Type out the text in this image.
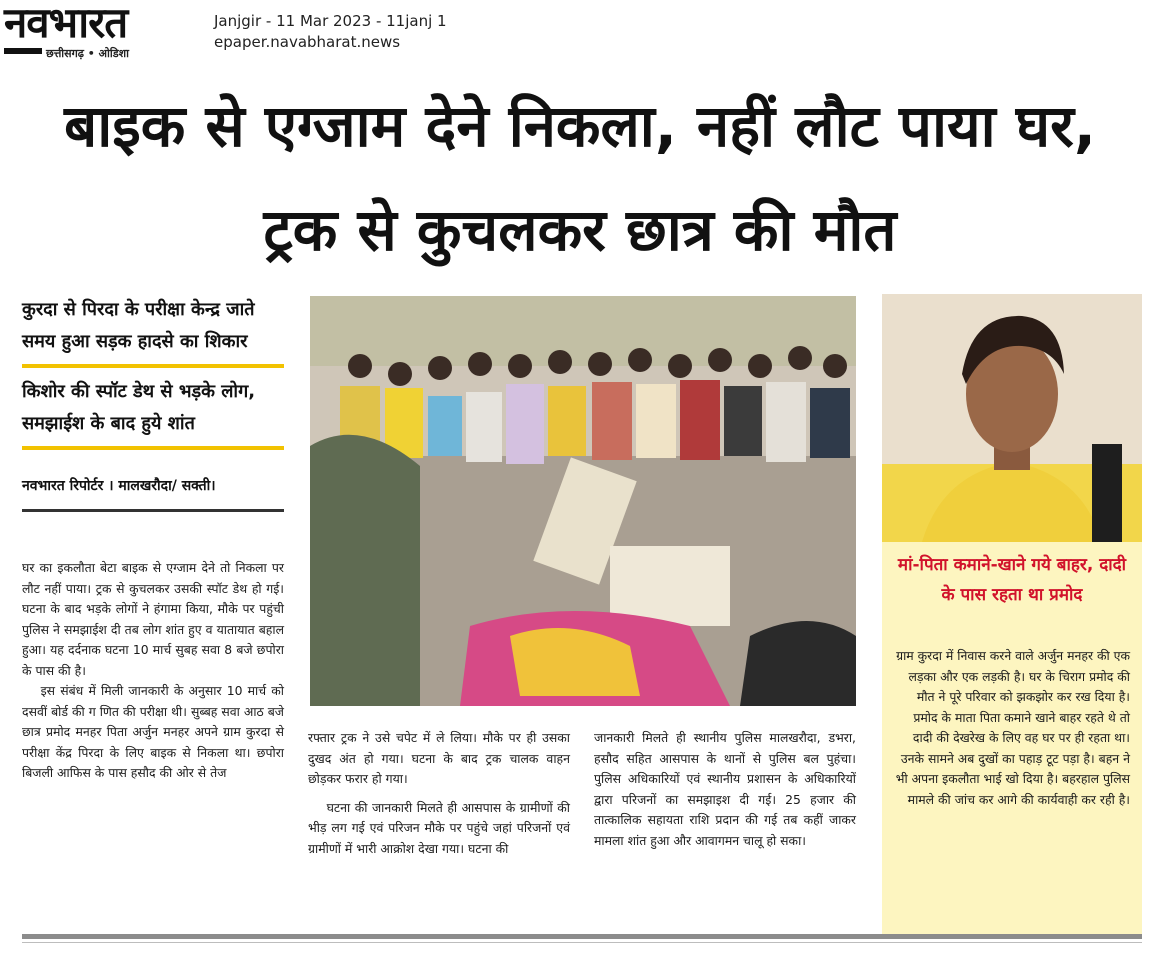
नवभारत
छत्तीसगढ़ • ओडिशा
Janjgir - 11 Mar 2023 - 11janj 1
epaper.navabharat.news
बाइक से एग्जाम देने निकला, नहीं लौट पाया घर, ट्रक से कुचलकर छात्र की मौत

कुरदा से पिरदा के परीक्षा केन्द्र जाते समय हुआ सड़क हादसे का शिकार

किशोर की स्पॉट डेथ से भड़के लोग, समझाईश के बाद हुये शांत

नवभारत रिपोर्टर । मालखरौदा/ सक्ती।

घर का इकलौता बेटा बाइक से एग्जाम देने तो निकला पर लौट नहीं पाया। ट्रक से कुचलकर उसकी स्पॉट डेथ हो गई। घटना के बाद भड़के लोगों ने हंगामा किया, मौके पर पहुंची पुलिस ने समझाईश दी तब लोग शांत हुए व यातायात बहाल हुआ। यह दर्दनाक घटना 10 मार्च सुबह सवा 8 बजे छपोरा के पास की है।

इस संबंध में मिली जानकारी के अनुसार 10 मार्च को दसवीं बोर्ड की ग णित की परीक्षा थी। सुब्बह सवा आठ बजे छात्र प्रमोद मनहर पिता अर्जुन मनहर अपने ग्राम कुरदा से परीक्षा केंद्र पिरदा के लिए बाइक से निकला था। छपोरा बिजली आफिस के पास हसौद की ओर से तेज

रफ्तार ट्रक ने उसे चपेट में ले लिया। मौके पर ही उसका दुखद अंत हो गया। घटना के बाद ट्रक चालक वाहन छोड़कर फरार हो गया।

घटना की जानकारी मिलते ही आसपास के ग्रामीणों की भीड़ लग गई एवं परिजन मौके पर पहुंचे जहां परिजनों एवं ग्रामीणों में भारी आक्रोश देखा गया। घटना की

जानकारी मिलते ही स्थानीय पुलिस मालखरौदा, डभरा, हसौद सहित आसपास के थानों से पुलिस बल पुहंचा। पुलिस अधिकारियों एवं स्थानीय प्रशासन के अधिकारियों द्वारा परिजनों का समझाइश दी गई। 25 हजार की तात्कालिक सहायता राशि प्रदान की गई तब कहीं जाकर मामला शांत हुआ और आवागमन चालू हो सका।

मां-पिता कमाने-खाने गये बाहर, दादी के पास रहता था प्रमोद

ग्राम कुरदा में निवास करने वाले अर्जुन मनहर की एक लड़का और एक लड़की है। घर के चिराग प्रमोद की मौत ने पूरे परिवार को झकझोर कर रख दिया है। प्रमोद के माता पिता कमाने खाने बाहर रहते थे तो दादी की देखरेख के लिए वह घर पर ही रहता था। उनके सामने अब दुखों का पहाड़ टूट पड़ा है। बहन ने भी अपना इकलौता भाई खो दिया है। बहरहाल पुलिस मामले की जांच कर आगे की कार्यवाही कर रही है।
